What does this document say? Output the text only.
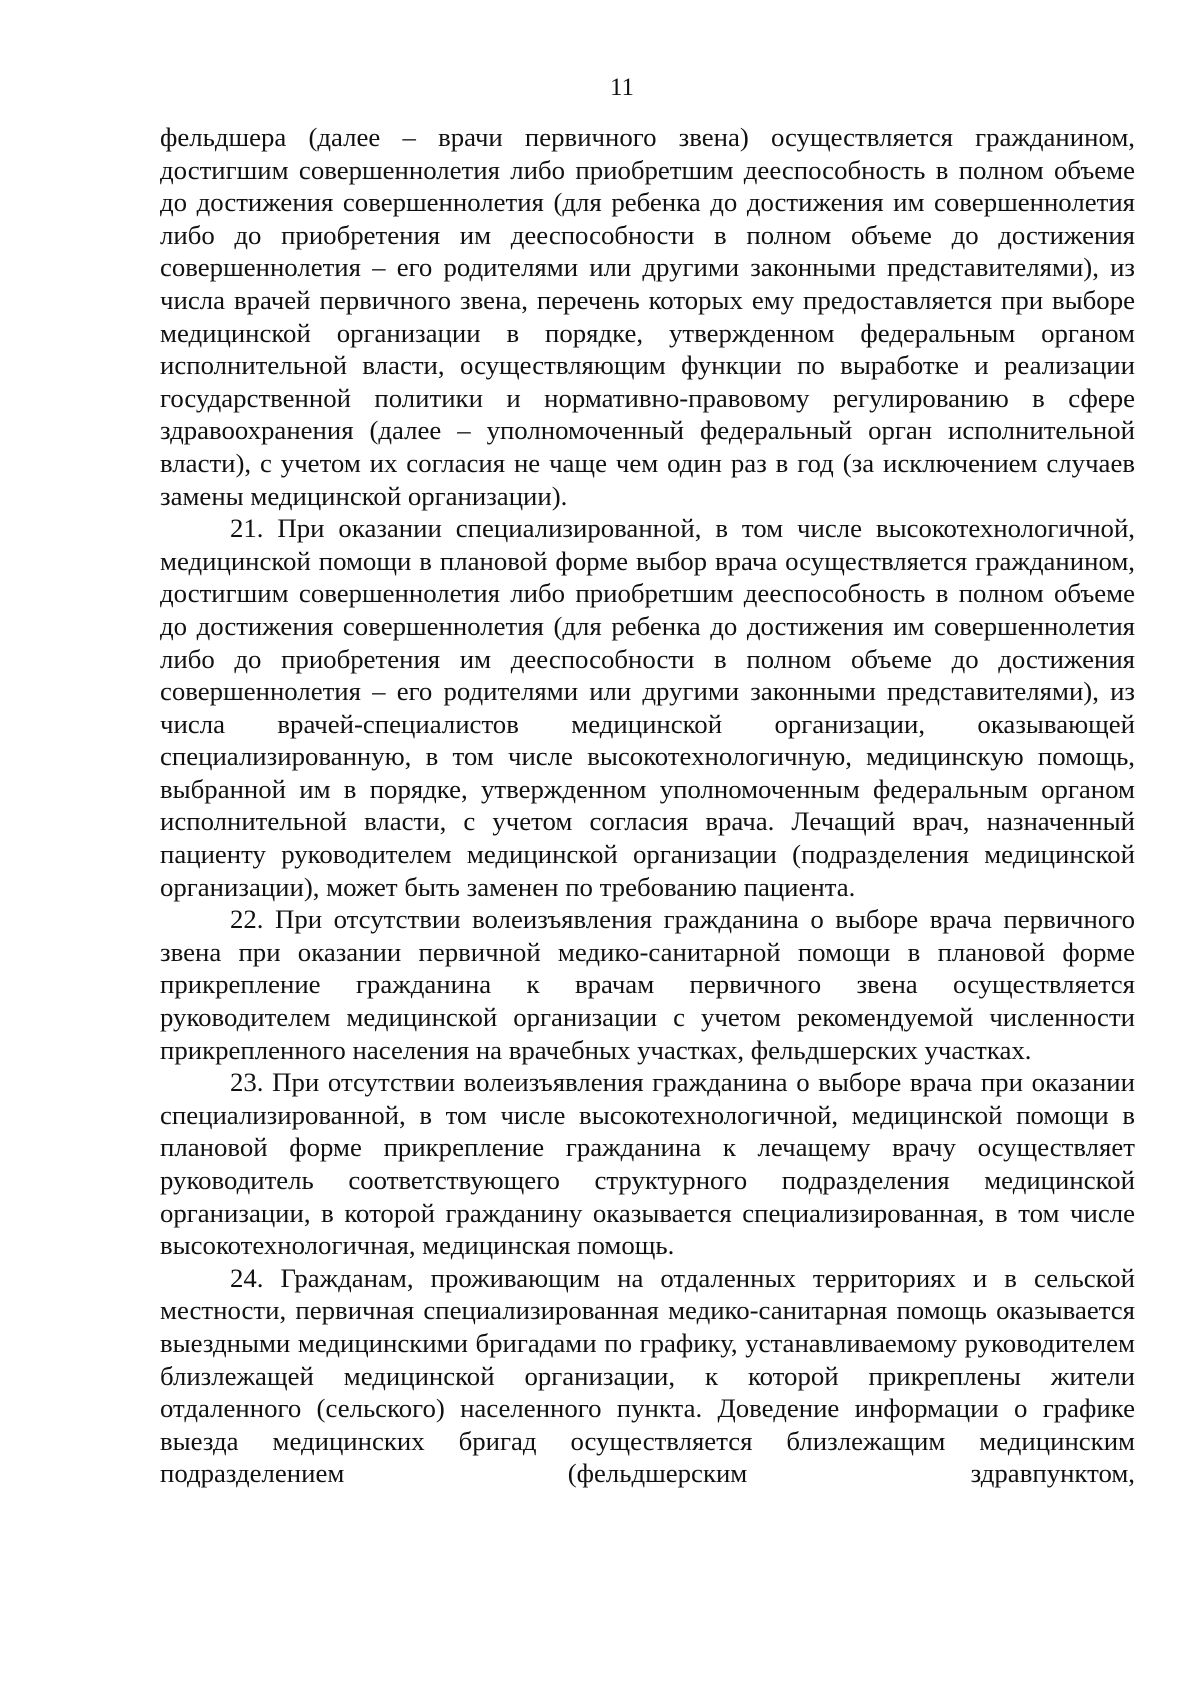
11

фельдшера (далее – врачи первичного звена) осуществляется гражданином, достигшим совершеннолетия либо приобретшим дееспособность в полном объеме до достижения совершеннолетия (для ребенка до достижения им совершеннолетия либо до приобретения им дееспособности в полном объеме до достижения совершеннолетия – его родителями или другими законными представителями), из числа врачей первичного звена, перечень которых ему предоставляется при выборе медицинской организации в порядке, утвержденном федеральным органом исполнительной власти, осуществляющим функции по выработке и реализации государственной политики и нормативно-правовому регулированию в сфере здравоохранения (далее – уполномоченный федеральный орган исполнительной власти), с учетом их согласия не чаще чем один раз в год (за исключением случаев замены медицинской организации).

21. При оказании специализированной, в том числе высокотехнологичной, медицинской помощи в плановой форме выбор врача осуществляется гражданином, достигшим совершеннолетия либо приобретшим дееспособность в полном объеме до достижения совершеннолетия (для ребенка до достижения им совершеннолетия либо до приобретения им дееспособности в полном объеме до достижения совершеннолетия – его родителями или другими законными представителями), из числа врачей-специалистов медицинской организации, оказывающей специализированную, в том числе высокотехнологичную, медицинскую помощь, выбранной им в порядке, утвержденном уполномоченным федеральным органом исполнительной власти, с учетом согласия врача. Лечащий врач, назначенный пациенту руководителем медицинской организации (подразделения медицинской организации), может быть заменен по требованию пациента.

22. При отсутствии волеизъявления гражданина о выборе врача первичного звена при оказании первичной медико-санитарной помощи в плановой форме прикрепление гражданина к врачам первичного звена осуществляется руководителем медицинской организации с учетом рекомендуемой численности прикрепленного населения на врачебных участках, фельдшерских участках.

23. При отсутствии волеизъявления гражданина о выборе врача при оказании специализированной, в том числе высокотехнологичной, медицинской помощи в плановой форме прикрепление гражданина к лечащему врачу осуществляет руководитель соответствующего структурного подразделения медицинской организации, в которой гражданину оказывается специализированная, в том числе высокотехнологичная, медицинская помощь.

24. Гражданам, проживающим на отдаленных территориях и в сельской местности, первичная специализированная медико-санитарная помощь оказывается выездными медицинскими бригадами по графику, устанавливаемому руководителем близлежащей медицинской организации, к которой прикреплены жители отдаленного (сельского) населенного пункта. Доведение информации о графике выезда медицинских бригад осуществляется близлежащим медицинским подразделением (фельдшерским здравпунктом,
